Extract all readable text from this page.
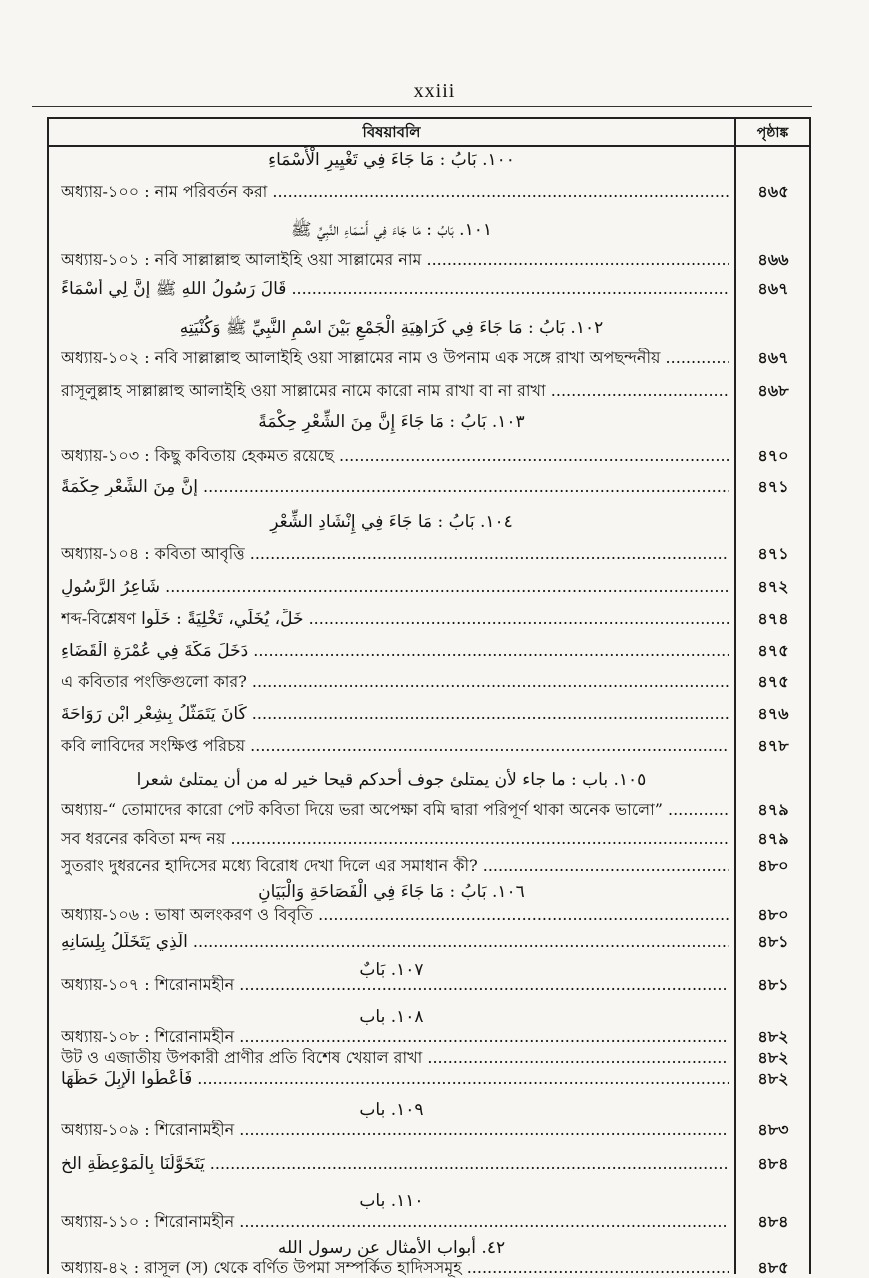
xxiii
বিষয়াবলি	পৃষ্ঠাঙ্ক
١٠٠. بَابُ : مَا جَاءَ فِي تَغْيِيرِ الْأَسْمَاءِ
অধ্যায়-১০০ : নাম পরিবর্তন করা .....	৪৬৫
١٠١. بَابُ : مَا جَاءَ فِي أَسْمَاءِ النَّبِيِّ ﷺ
অধ্যায়-১০১ : নবি সাল্লাল্লাহু আলাইহি ওয়া সাল্লামের নাম .....	৪৬৬
قَالَ رَسُولُ اللهِ ﷺ إِنَّ لِي أَسْمَاءً .....	৪৬৭
١٠٢. بَابُ : مَا جَاءَ فِي كَرَاهِيَةِ الْجَمْعِ بَيْنَ اسْمِ النَّبِيِّ ﷺ وَكُنْيَتِهِ
অধ্যায়-১০২ : নবি সাল্লাল্লাহু আলাইহি ওয়া সাল্লামের নাম ও উপনাম এক সঙ্গে রাখা অপছন্দনীয় .....	৪৬৭
রাসূলুল্লাহ সাল্লাল্লাহু আলাইহি ওয়া সাল্লামের নামে কারো নাম রাখা বা না রাখা .....	৪৬৮
١٠٣. بَابُ : مَا جَاءَ إِنَّ مِنَ الشِّعْرِ حِكْمَةً
অধ্যায়-১০৩ : কিছু কবিতায় হেকমত রয়েছে .....	৪৭০
إِنَّ مِنَ الشِّعْرِ حِكْمَةً .....	৪৭১
١٠٤. بَابُ : مَا جَاءَ فِي إِنْشَادِ الشِّعْرِ
অধ্যায়-১০৪ : কবিতা আবৃত্তি .....	৪৭১
شَاعِرُ الرَّسُولِ .....	৪৭২
শব্দ-বিশ্লেষণ خَلِّ، يُخَلِّي، تَخْلِيَةً : خَلُّوا .....	৪৭৪
دَخَلَ مَكَّةَ فِي عُمْرَةِ الْقَضَاءِ .....	৪৭৫
এ কবিতার পংক্তিগুলো কার? .....	৪৭৫
كَانَ يَتَمَثَّلُ بِشِعْرِ ابْنِ رَوَاحَةَ .....	৪৭৬
কবি লাবিদের সংক্ষিপ্ত পরিচয় .....	৪৭৮
١٠٥. باب : ما جاء لأن يمتلئ جوف أحدكم قيحا خير له من أن يمتلئ شعرا
অধ্যায়-“ তোমাদের কারো পেট কবিতা দিয়ে ভরা অপেক্ষা বমি দ্বারা পরিপূর্ণ থাকা অনেক ভালো” .....	৪৭৯
সব ধরনের কবিতা মন্দ নয় .....	৪৭৯
সুতরাং দুধরনের হাদিসের মধ্যে বিরোধ দেখা দিলে এর সমাধান কী? .....	৪৮০
١٠٦. بَابُ : مَا جَاءَ فِي الْفَصَاحَةِ وَالْبَيَانِ
অধ্যায়-১০৬ : ভাষা অলংকরণ ও বিবৃতি .....	৪৮০
الَّذِي يَتَخَلَّلُ بِلِسَانِهِ .....	৪৮১
١٠٧. بَابٌ
অধ্যায়-১০৭ : শিরোনামহীন .....	৪৮১
١٠٨. باب
অধ্যায়-১০৮ : শিরোনামহীন .....	৪৮২
উট ও এজাতীয় উপকারী প্রাণীর প্রতি বিশেষ খেয়াল রাখা .....	৪৮২
فَأَعْطُوا الْإِبِلَ حَظَّهَا .....	৪৮২
١٠٩. باب
অধ্যায়-১০৯ : শিরোনামহীন .....	৪৮৩
يَتَخَوَّلُنَا بِالْمَوْعِظَةِ الخ .....	৪৮৪
١١٠. باب
অধ্যায়-১১০ : শিরোনামহীন .....	৪৮৪
٤٢. أبواب الأمثال عن رسول الله
অধ্যায়-৪২ : রাসূল (স) থেকে বর্ণিত উপমা সম্পর্কিত হাদিসসমূহ .....	৪৮৫
